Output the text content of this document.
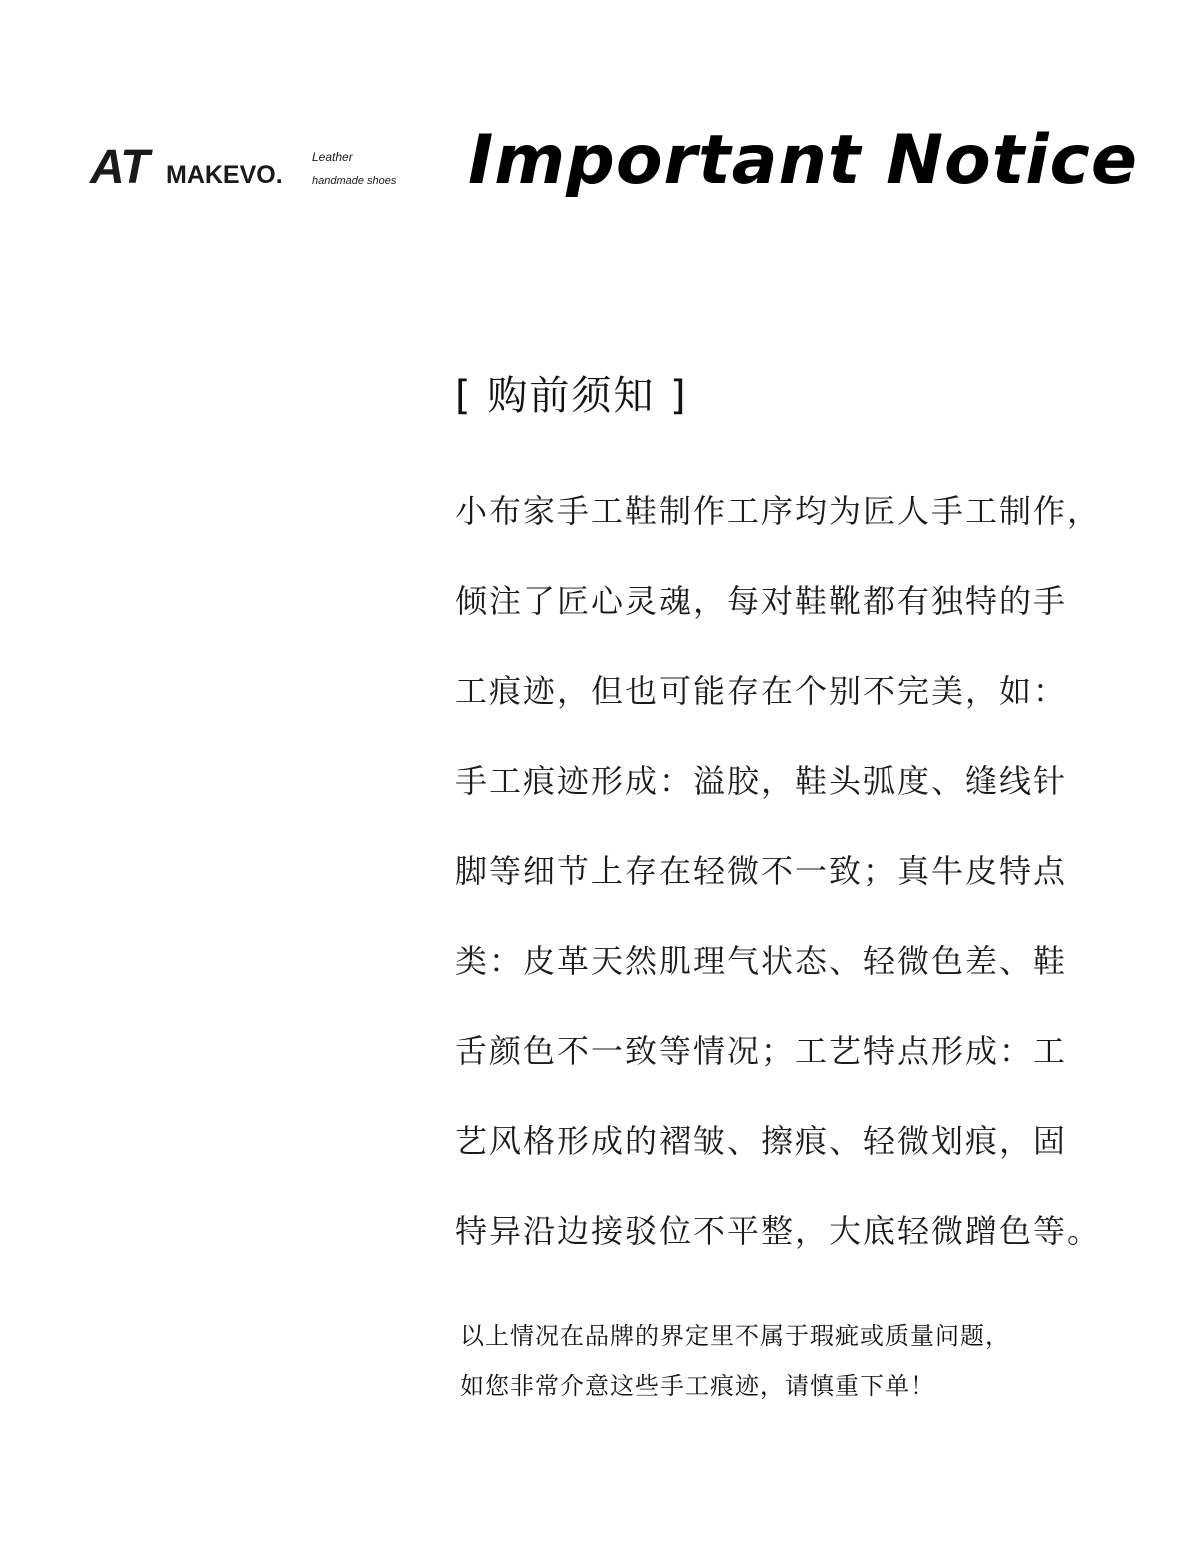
AT MAKEVO.
Leather
handmade shoes Important Notice
[ 购前须知 ]
小布家手工鞋制作工序均为匠人手工制作，
倾注了匠心灵魂，每对鞋靴都有独特的手
工痕迹，但也可能存在个别不完美，如：
手工痕迹形成：溢胶，鞋头弧度、缝线针
脚等细节上存在轻微不一致；真牛皮特点
类：皮革天然肌理气状态、轻微色差、鞋
舌颜色不一致等情况；工艺特点形成：工
艺风格形成的褶皱、擦痕、轻微划痕，固
特异沿边接驳位不平整，大底轻微蹭色等。
以上情况在品牌的界定里不属于瑕疵或质量问题，
如您非常介意这些手工痕迹，请慎重下单！
